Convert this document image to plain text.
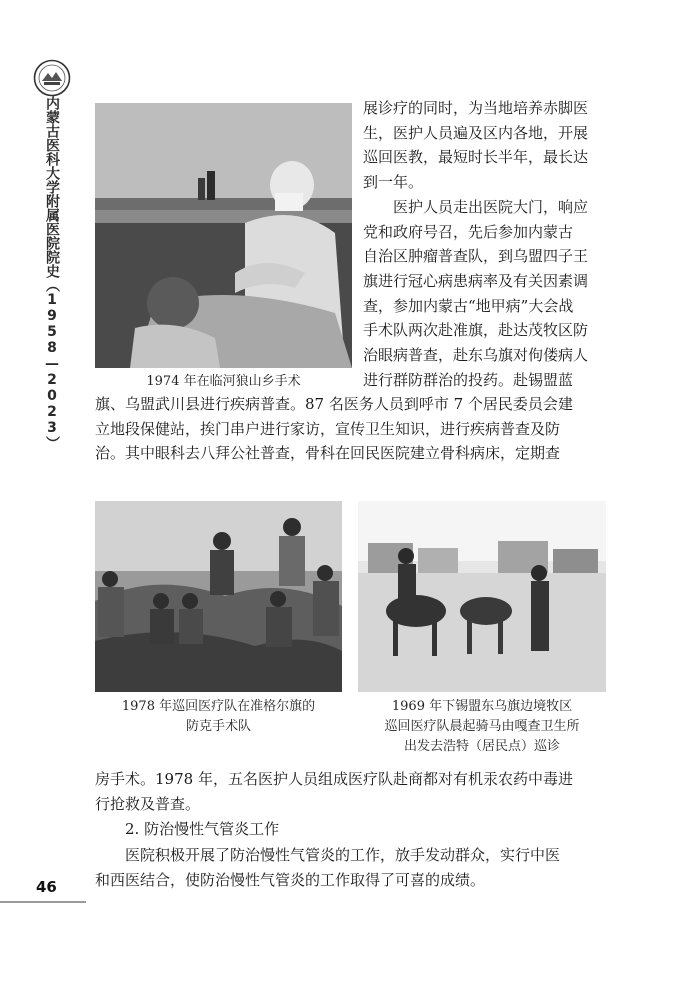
内蒙古医科大学附属医院院史（1958—2023）
46
1974 年在临河狼山乡手术
展诊疗的同时，为当地培养赤脚医
生，医护人员遍及区内各地，开展
巡回医教，最短时长半年，最长达
到一年。
医护人员走出医院大门，响应
党和政府号召，先后参加内蒙古
自治区肿瘤普查队，到乌盟四子王
旗进行冠心病患病率及有关因素调
查，参加内蒙古“地甲病”大会战
手术队两次赴准旗，赴达茂牧区防
治眼病普查，赴东乌旗对佝偻病人
进行群防群治的投药。赴锡盟蓝
旗、乌盟武川县进行疾病普查。87 名医务人员到呼市 7 个居民委员会建
立地段保健站，挨门串户进行家访，宣传卫生知识，进行疾病普查及防
治。其中眼科去八拜公社普查，骨科在回民医院建立骨科病床，定期查
1978 年巡回医疗队在准格尔旗的
防克手术队
1969 年下锡盟东乌旗边境牧区
巡回医疗队晨起骑马由嘎查卫生所
出发去浩特（居民点）巡诊
房手术。1978 年，五名医护人员组成医疗队赴商都对有机汞农药中毒进
行抢救及普查。
2. 防治慢性气管炎工作
医院积极开展了防治慢性气管炎的工作，放手发动群众，实行中医
和西医结合，使防治慢性气管炎的工作取得了可喜的成绩。
